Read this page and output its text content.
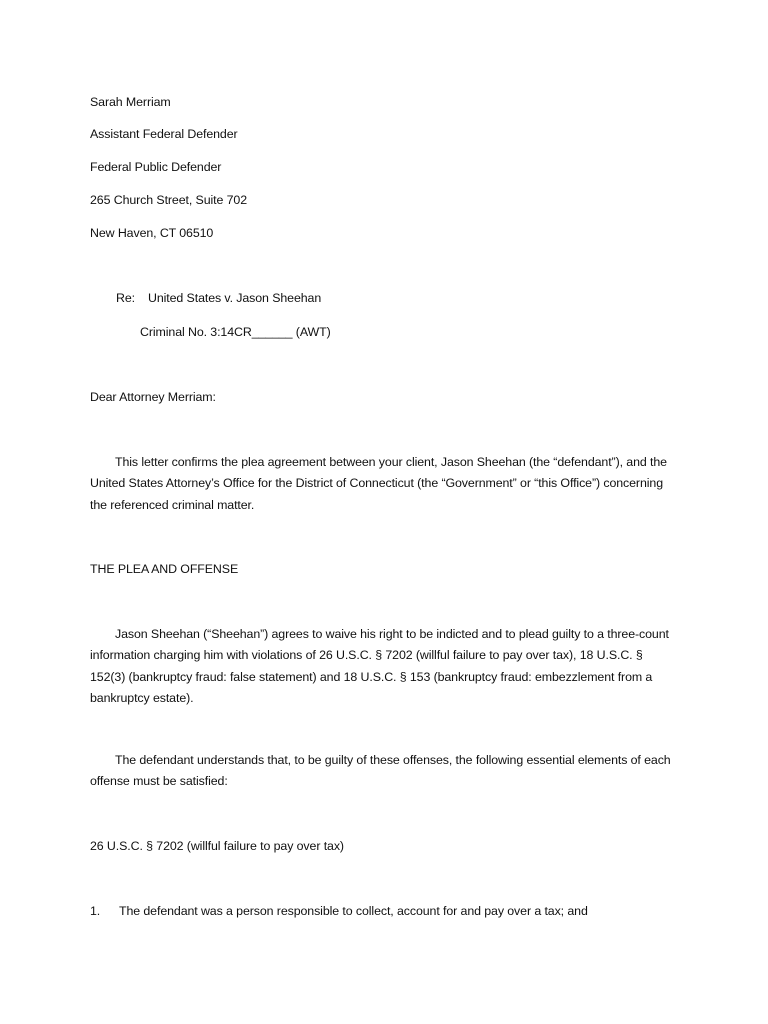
Sarah Merriam
Assistant Federal Defender
Federal Public Defender
265 Church Street, Suite 702
New Haven, CT 06510
Re: United States v. Jason Sheehan
Criminal No. 3:14CR______ (AWT)
Dear Attorney Merriam:
This letter confirms the plea agreement between your client, Jason Sheehan (the “defendant”), and the United States Attorney’s Office for the District of Connecticut (the “Government” or “this Office”) concerning the referenced criminal matter.
THE PLEA AND OFFENSE
Jason Sheehan (“Sheehan”) agrees to waive his right to be indicted and to plead guilty to a three-count information charging him with violations of 26 U.S.C. § 7202 (willful failure to pay over tax), 18 U.S.C. § 152(3) (bankruptcy fraud: false statement) and 18 U.S.C. § 153 (bankruptcy fraud: embezzlement from a bankruptcy estate).
The defendant understands that, to be guilty of these offenses, the following essential elements of each offense must be satisfied:
26 U.S.C. § 7202 (willful failure to pay over tax)
1. The defendant was a person responsible to collect, account for and pay over a tax; and
